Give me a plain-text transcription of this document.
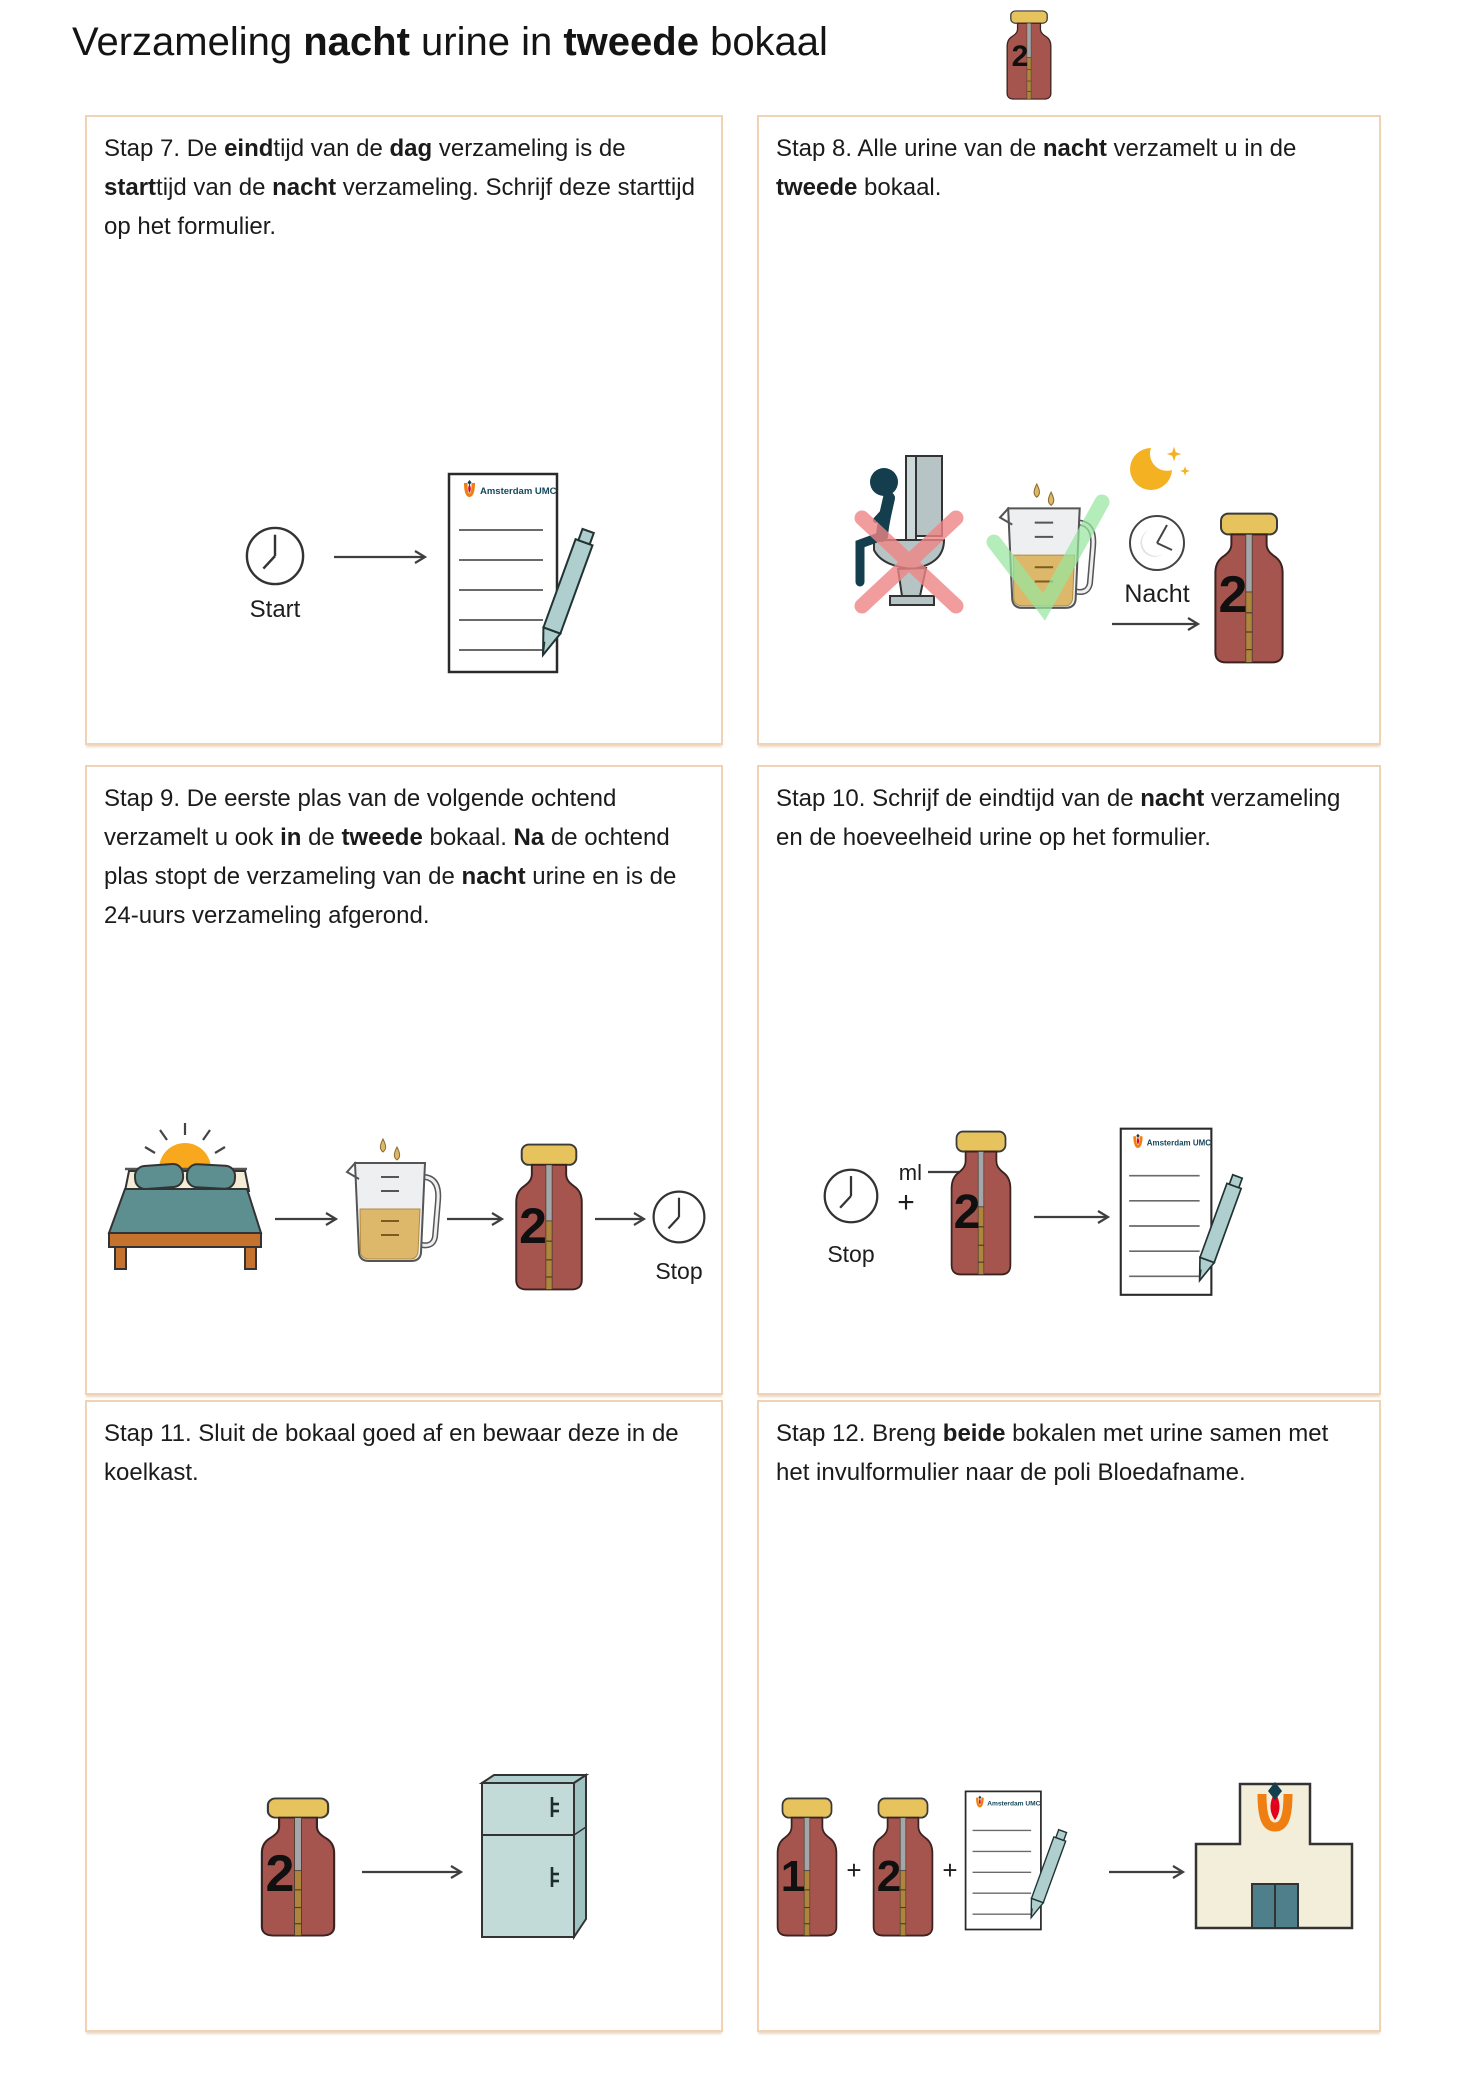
Verzameling nacht urine in tweede bokaal	2

Stap 7. De eindtijd van de dag verzameling is de starttijd van de nacht verzameling. Schrijf deze starttijd op het formulier.

Start

Stap 8. Alle urine van de nacht verzamelt u in de tweede bokaal.

Nacht 2

Stap 9. De eerste plas van de volgende ochtend verzamelt u ook in de tweede bokaal. Na de ochtend plas stopt de verzameling van de nacht urine en is de 24-uurs verzameling afgerond.

2
Stop

Stap 10. Schrijf de eindtijd van de nacht verzameling en de hoeveelheid urine op het formulier.

Stop
+
ml
2

Stap 11. Sluit de bokaal goed af en bewaar deze in de koelkast.

2

Stap 12. Breng beide bokalen met urine samen met het invulformulier naar de poli Bloedafname.

1 + 2 +
